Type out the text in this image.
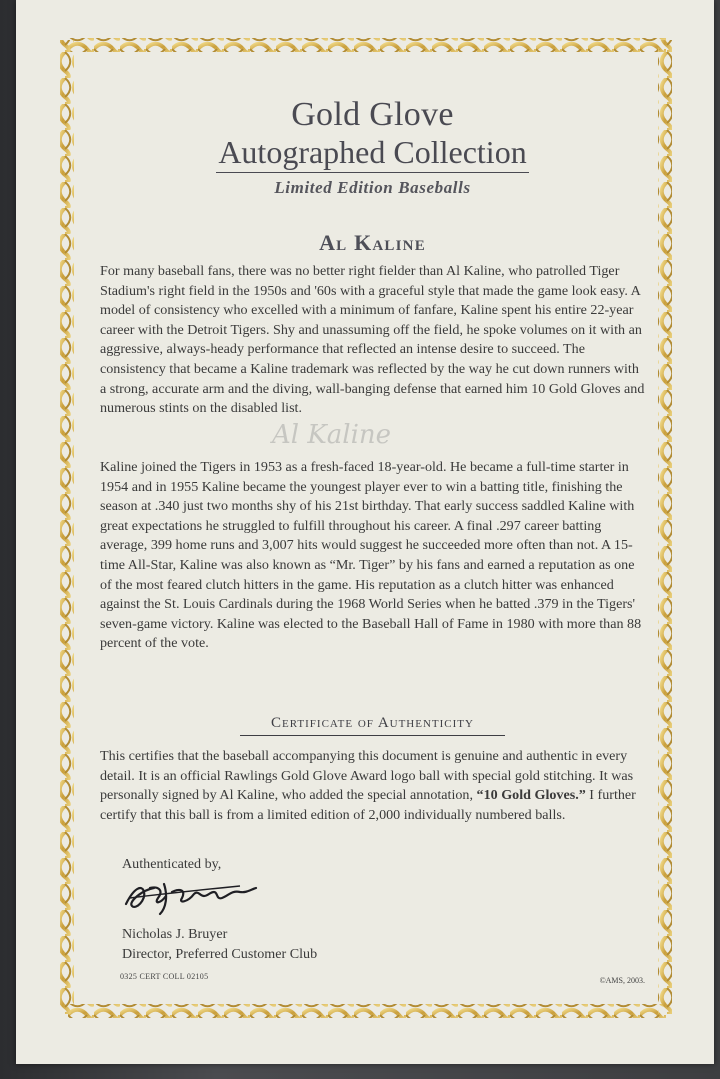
Gold Glove
Autographed Collection
Limited Edition Baseballs
Al Kaline
For many baseball fans, there was no better right fielder than Al Kaline, who patrolled Tiger Stadium's right field in the 1950s and '60s with a graceful style that made the game look easy. A model of consistency who excelled with a minimum of fanfare, Kaline spent his entire 22-year career with the Detroit Tigers. Shy and unassuming off the field, he spoke volumes on it with an aggressive, always-heady performance that reflected an intense desire to succeed. The consistency that became a Kaline trademark was reflected by the way he cut down runners with a strong, accurate arm and the diving, wall-banging defense that earned him 10 Gold Gloves and numerous stints on the disabled list.
Al Kaline
Kaline joined the Tigers in 1953 as a fresh-faced 18-year-old. He became a full-time starter in 1954 and in 1955 Kaline became the youngest player ever to win a batting title, finishing the season at .340 just two months shy of his 21st birthday. That early success saddled Kaline with great expectations he struggled to fulfill throughout his career. A final .297 career batting average, 399 home runs and 3,007 hits would suggest he succeeded more often than not. A 15-time All-Star, Kaline was also known as “Mr. Tiger” by his fans and earned a reputation as one of the most feared clutch hitters in the game. His reputation as a clutch hitter was enhanced against the St. Louis Cardinals during the 1968 World Series when he batted .379 in the Tigers' seven-game victory. Kaline was elected to the Baseball Hall of Fame in 1980 with more than 88 percent of the vote.
Certificate of Authenticity
This certifies that the baseball accompanying this document is genuine and authentic in every detail. It is an official Rawlings Gold Glove Award logo ball with special gold stitching. It was personally signed by Al Kaline, who added the special annotation, “10 Gold Gloves.” I further certify that this ball is from a limited edition of 2,000 individually numbered balls.
Authenticated by,
Nicholas J. Bruyer
Director, Preferred Customer Club
0325 CERT COLL 02105	©AMS, 2003.
